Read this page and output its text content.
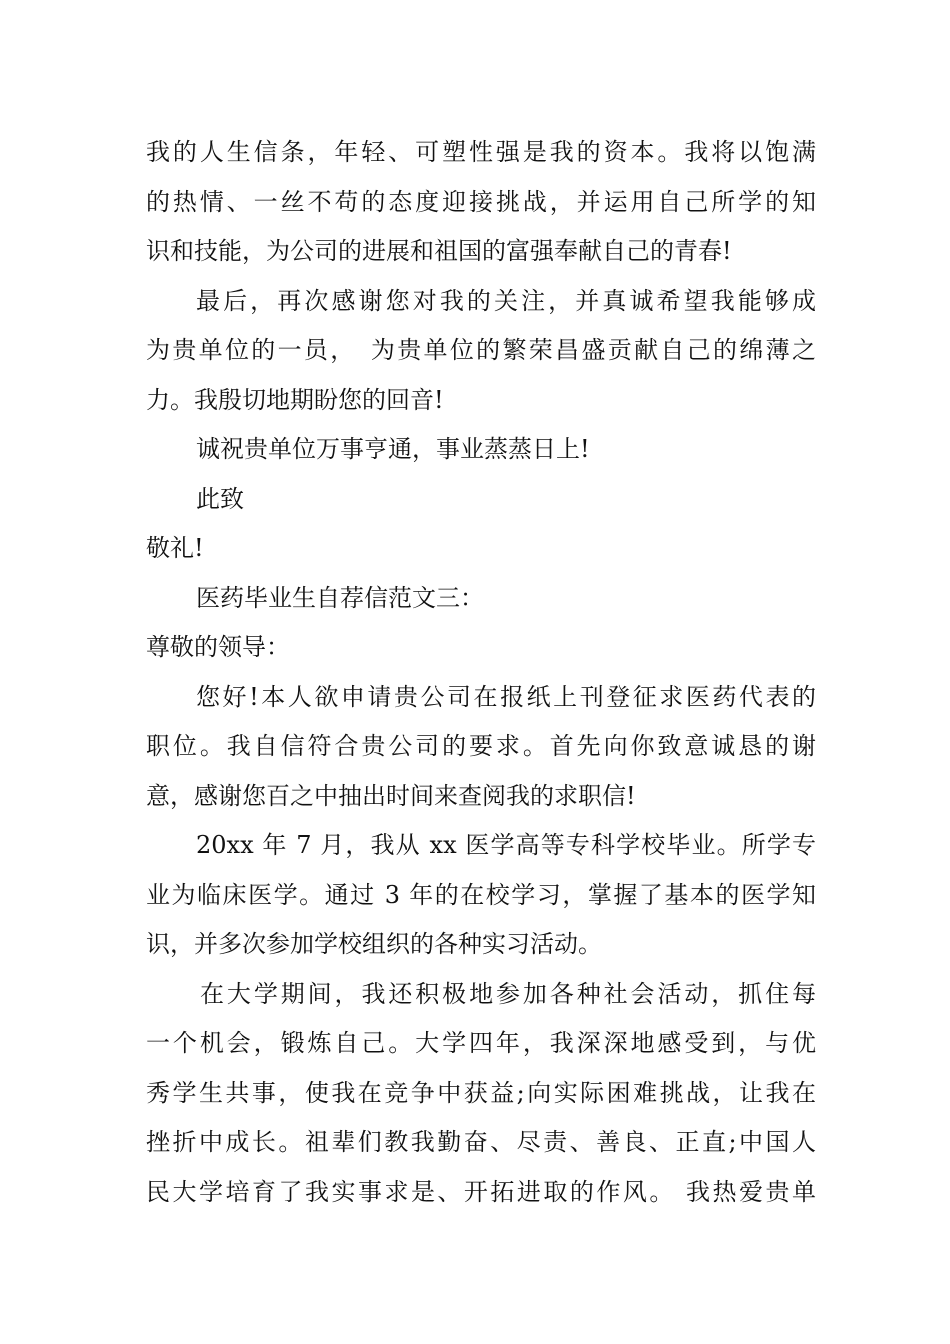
我的人生信条，年轻、可塑性强是我的资本。我将以饱满
的热情、一丝不苟的态度迎接挑战，并运用自己所学的知
识和技能，为公司的进展和祖国的富强奉献自己的青春!
最后，再次感谢您对我的关注，并真诚希望我能够成
为贵单位的一员，　为贵单位的繁荣昌盛贡献自己的绵薄之
力。我殷切地期盼您的回音!
诚祝贵单位万事亨通，事业蒸蒸日上!
此致
敬礼!
医药毕业生自荐信范文三：
尊敬的领导：
您好!本人欲申请贵公司在报纸上刊登征求医药代表的
职位。我自信符合贵公司的要求。首先向你致意诚恳的谢
意，感谢您百之中抽出时间来查阅我的求职信!
20xx 年 7 月，我从 xx 医学高等专科学校毕业。所学专
业为临床医学。通过 3 年的在校学习，掌握了基本的医学知
识，并多次参加学校组织的各种实习活动。
在大学期间，我还积极地参加各种社会活动，抓住每
一个机会，锻炼自己。大学四年，我深深地感受到，与优
秀学生共事，使我在竞争中获益;向实际困难挑战，让我在
挫折中成长。祖辈们教我勤奋、尽责、善良、正直;中国人
民大学培育了我实事求是、开拓进取的作风。 我热爱贵单
